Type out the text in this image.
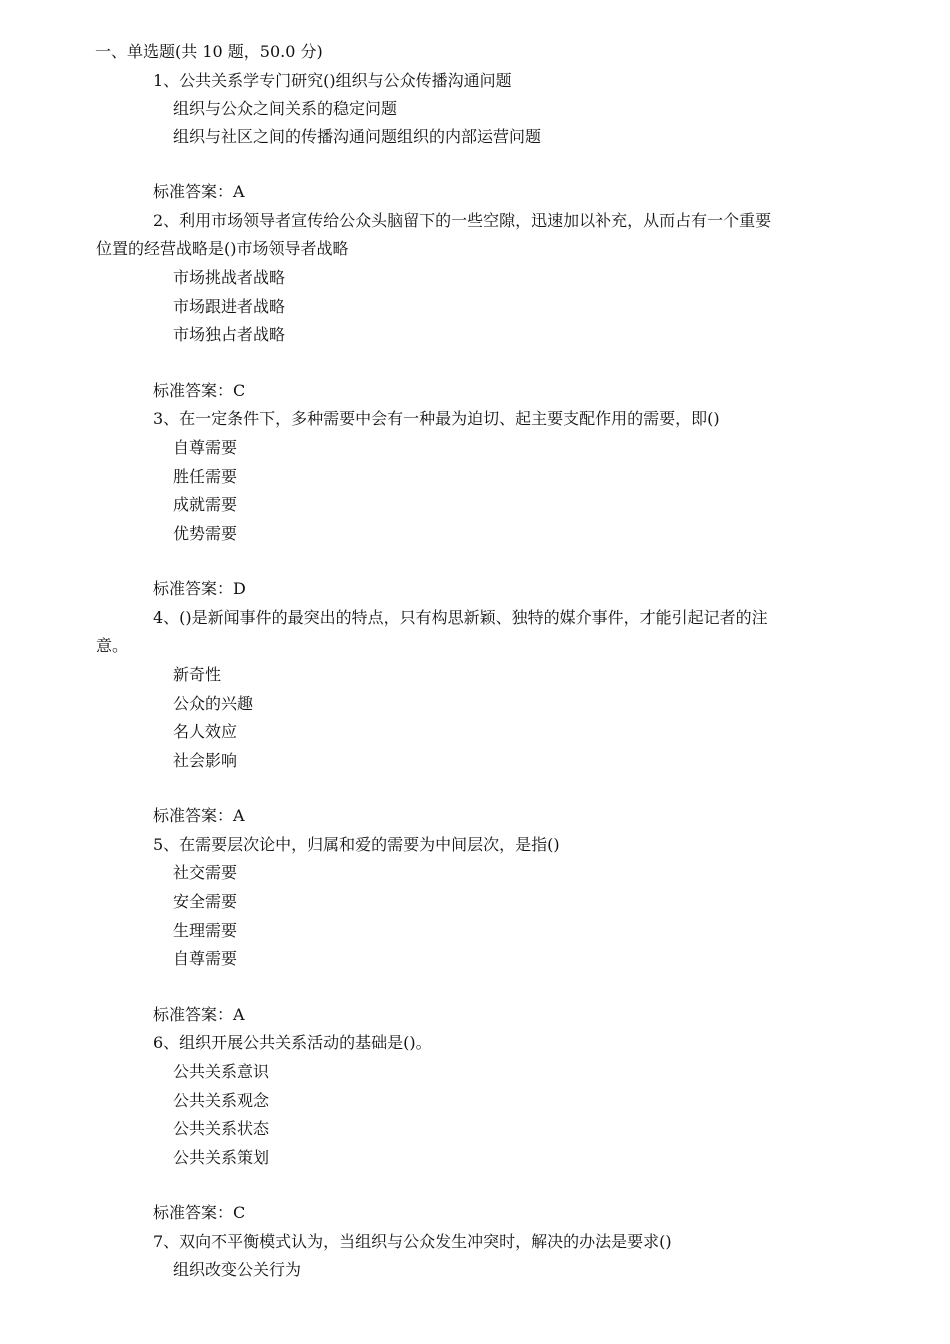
一、单选题(共 10 题，50.0 分)
1、公共关系学专门研究()组织与公众传播沟通问题
组织与公众之间关系的稳定问题
组织与社区之间的传播沟通问题组织的内部运营问题
标准答案：A
2、利用市场领导者宣传给公众头脑留下的一些空隙，迅速加以补充，从而占有一个重要
位置的经营战略是()市场领导者战略
市场挑战者战略
市场跟进者战略
市场独占者战略
标准答案：C
3、在一定条件下，多种需要中会有一种最为迫切、起主要支配作用的需要，即()
自尊需要
胜任需要
成就需要
优势需要
标准答案：D
4、()是新闻事件的最突出的特点，只有构思新颖、独特的媒介事件，才能引起记者的注
意。
新奇性
公众的兴趣
名人效应
社会影响
标准答案：A
5、在需要层次论中，归属和爱的需要为中间层次，是指()
社交需要
安全需要
生理需要
自尊需要
标准答案：A
6、组织开展公共关系活动的基础是()。
公共关系意识
公共关系观念
公共关系状态
公共关系策划
标准答案：C
7、双向不平衡模式认为，当组织与公众发生冲突时，解决的办法是要求()
组织改变公关行为
